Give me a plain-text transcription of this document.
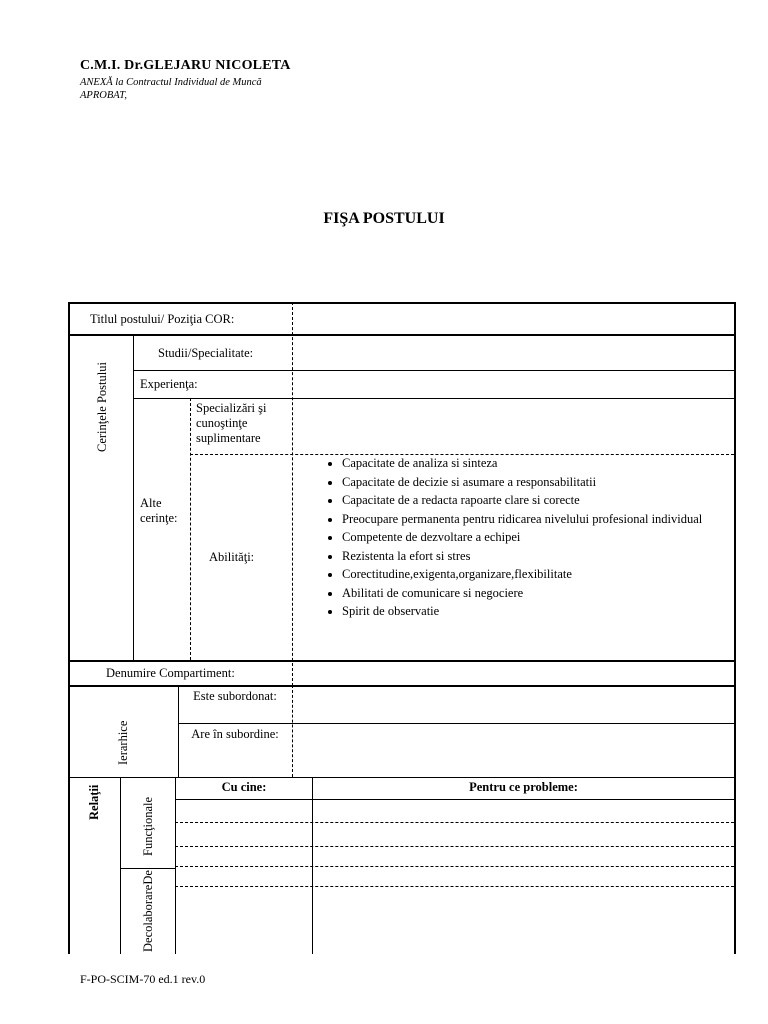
C.M.I. Dr.GLEJARU NICOLETA
ANEXĂ la Contractul Individual de Muncă
APROBAT,
FIŞA POSTULUI
Titlul postului/ Poziţia COR:
Cerinţele Postului
Studii/Specialitate:
Experienţa:
Alte cerinţe:
Specializări şi cunoştinţe suplimentare
Abilităţi:
• Capacitate de analiza si sinteza
• Capacitate de decizie si asumare a responsabilitatii
• Capacitate de a redacta rapoarte clare si corecte
• Preocupare permanenta pentru ridicarea nivelului profesional individual
• Competente de dezvoltare a echipei
• Rezistenta la efort si stres
• Corectitudine,exigenta,organizare,flexibilitate
• Abilitati de comunicare si negociere
• Spirit de observatie
Denumire Compartiment:
Ierarhice
Este subordonat:
Are în subordine:
Relaţii	Funcţionale
DecolaborareDe
Cu cine:	Pentru ce probleme:
F-PO-SCIM-70 ed.1 rev.0
